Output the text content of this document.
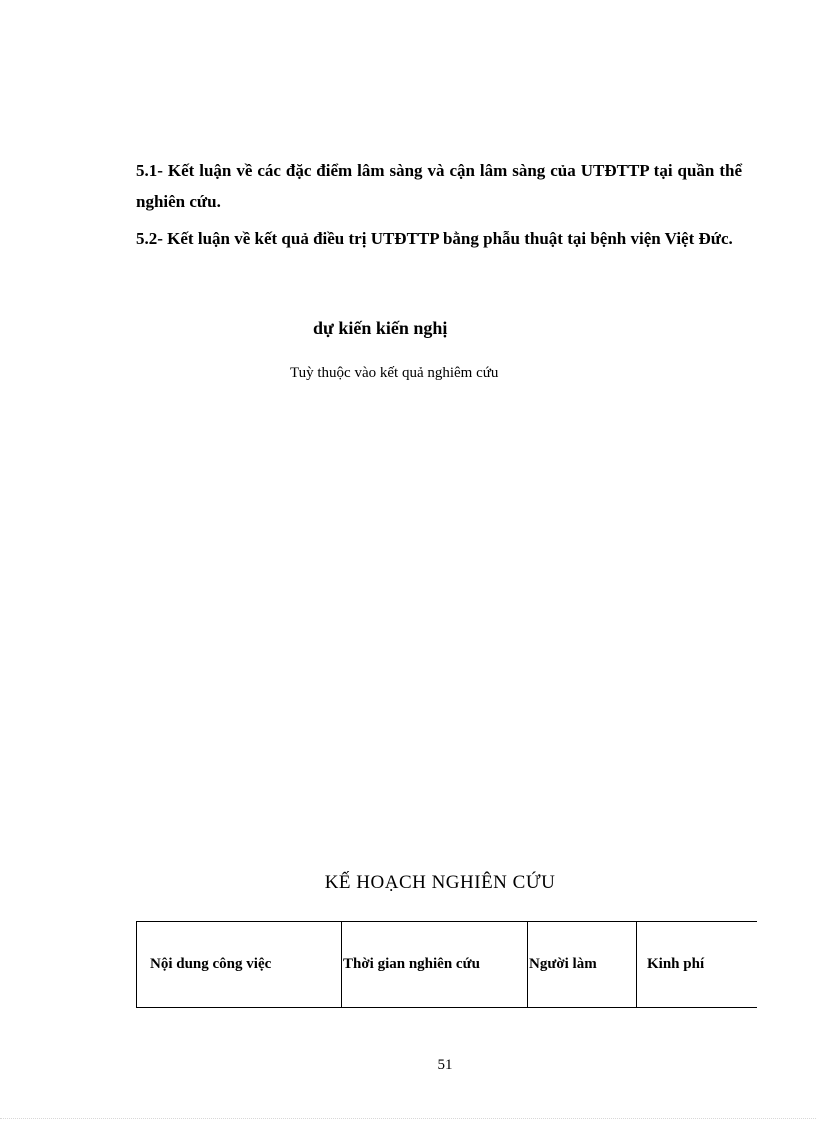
5.1- Kết luận về các đặc điểm lâm sàng và cận lâm sàng của UTĐTTP tại quần thể nghiên cứu.

5.2- Kết luận về kết quả điều trị UTĐTTP bằng phẫu thuật tại bệnh viện Việt Đức.

dự kiến kiến nghị
Tuỳ thuộc vào kết quả nghiêm cứu
KẾ HOẠCH NGHIÊN CỨU
Nội dung công việc	Thời gian nghiên cứu	Người làm	Kinh phí
51
